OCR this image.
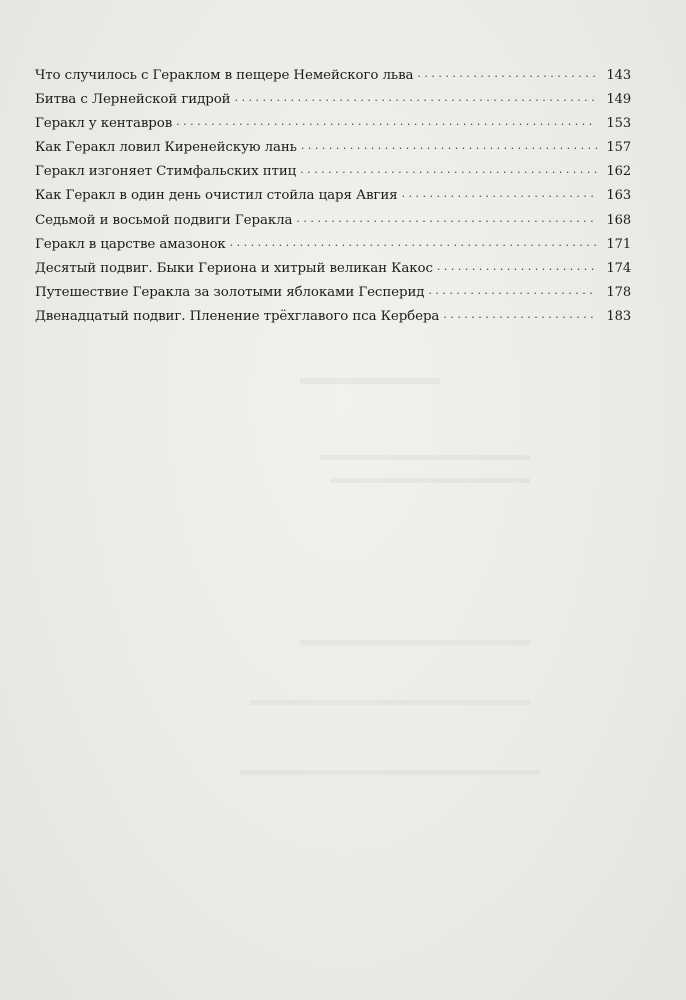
Что случилось с Гераклом в пещере Немейского льва . . .	143
Битва с Лернейской гидрой . . .	149
Геракл у кентавров . . .	153
Как Геракл ловил Киренейскую лань . . .	157
Геракл изгоняет Стимфальских птиц . . .	162
Как Геракл в один день очистил стойла царя Авгия . . .	163
Седьмой и восьмой подвиги Геракла . . .	168
Геракл в царстве амазонок . . .	171
Десятый подвиг. Быки Гериона и хитрый великан Какос . . .	174
Путешествие Геракла за золотыми яблоками Гесперид . . .	178
Двенадцатый подвиг. Пленение трёхглавого пса Кербера . . .	183
